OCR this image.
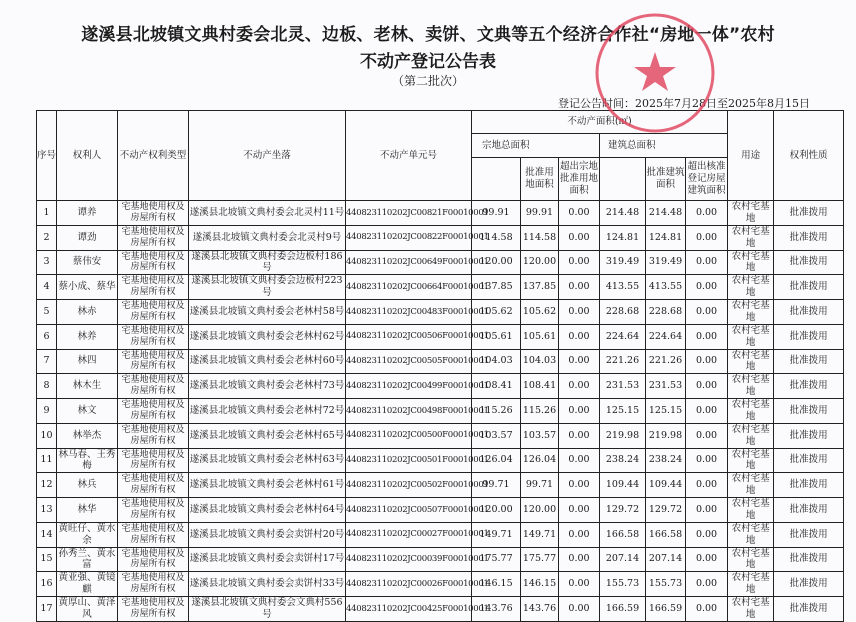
遂溪县北坡镇文典村委会北灵、边板、老林、卖饼、文典等五个经济合作社“房地一体”农村
不动产登记公告表
（第二批次）
登记公告时间：2025年7月28日至2025年8月15日
序号	权利人	不动产权利类型	不动产坐落	不动产单元号	不动产面积(㎡)						用途	权利性质
					宗地总面积			建筑总面积				
						批准用地面积	超出宗地批准用地面积		批准建筑面积	超出核准登记房屋建筑面积		
1	谭养	宅基地使用权及房屋所有权	遂溪县北坡镇文典村委会北灵村11号	440823110202JC00821F00010001	99.91	99.91	0.00	214.48	214.48	0.00	农村宅基地	批准拨用
2	谭劲	宅基地使用权及房屋所有权	遂溪县北坡镇文典村委会北灵村9号	440823110202JC00822F00010001	114.58	114.58	0.00	124.81	124.81	0.00	农村宅基地	批准拨用
3	蔡伟安	宅基地使用权及房屋所有权	遂溪县北坡镇文典村委会边板村186号	440823110202JC00649F00010001	120.00	120.00	0.00	319.49	319.49	0.00	农村宅基地	批准拨用
4	蔡小成、蔡华	宅基地使用权及房屋所有权	遂溪县北坡镇文典村委会边板村223号	440823110202JC00664F00010001	137.85	137.85	0.00	413.55	413.55	0.00	农村宅基地	批准拨用
5	林赤	宅基地使用权及房屋所有权	遂溪县北坡镇文典村委会老林村58号	440823110202JC00483F00010001	105.62	105.62	0.00	228.68	228.68	0.00	农村宅基地	批准拨用
6	林养	宅基地使用权及房屋所有权	遂溪县北坡镇文典村委会老林村62号	440823110202JC00506F00010001	105.61	105.61	0.00	224.64	224.64	0.00	农村宅基地	批准拨用
7	林四	宅基地使用权及房屋所有权	遂溪县北坡镇文典村委会老林村60号	440823110202JC00505F00010001	104.03	104.03	0.00	221.26	221.26	0.00	农村宅基地	批准拨用
8	林木生	宅基地使用权及房屋所有权	遂溪县北坡镇文典村委会老林村73号	440823110202JC00499F00010001	108.41	108.41	0.00	231.53	231.53	0.00	农村宅基地	批准拨用
9	林文	宅基地使用权及房屋所有权	遂溪县北坡镇文典村委会老林村72号	440823110202JC00498F00010001	115.26	115.26	0.00	125.15	125.15	0.00	农村宅基地	批准拨用
10	林举杰	宅基地使用权及房屋所有权	遂溪县北坡镇文典村委会老林村65号	440823110202JC00500F00010001	103.57	103.57	0.00	219.98	219.98	0.00	农村宅基地	批准拨用
11	林马春、王秀梅	宅基地使用权及房屋所有权	遂溪县北坡镇文典村委会老林村63号	440823110202JC00501F00010001	126.04	126.04	0.00	238.24	238.24	0.00	农村宅基地	批准拨用
12	林兵	宅基地使用权及房屋所有权	遂溪县北坡镇文典村委会老林村61号	440823110202JC00502F00010001	99.71	99.71	0.00	109.44	109.44	0.00	农村宅基地	批准拨用
13	林华	宅基地使用权及房屋所有权	遂溪县北坡镇文典村委会老林村64号	440823110202JC00507F00010001	120.00	120.00	0.00	129.72	129.72	0.00	农村宅基地	批准拨用
14	黄旺仔、黄水余	宅基地使用权及房屋所有权	遂溪县北坡镇文典村委会卖饼村20号	440823110202JC00027F00010001	149.71	149.71	0.00	166.58	166.58	0.00	农村宅基地	批准拨用
15	孙秀兰、黄永富	宅基地使用权及房屋所有权	遂溪县北坡镇文典村委会卖饼村17号	440823110202JC00039F00010001	175.77	175.77	0.00	207.14	207.14	0.00	农村宅基地	批准拨用
16	黄亚强、黄镜麒	宅基地使用权及房屋所有权	遂溪县北坡镇文典村委会卖饼村33号	440823110202JC00026F00010001	146.15	146.15	0.00	155.73	155.73	0.00	农村宅基地	批准拨用
17	黄厚山、黄泽风	宅基地使用权及房屋所有权	遂溪县北坡镇文典村委会文典村556号	440823110202JC00425F00010001	143.76	143.76	0.00	166.59	166.59	0.00	农村宅基地	批准拨用
